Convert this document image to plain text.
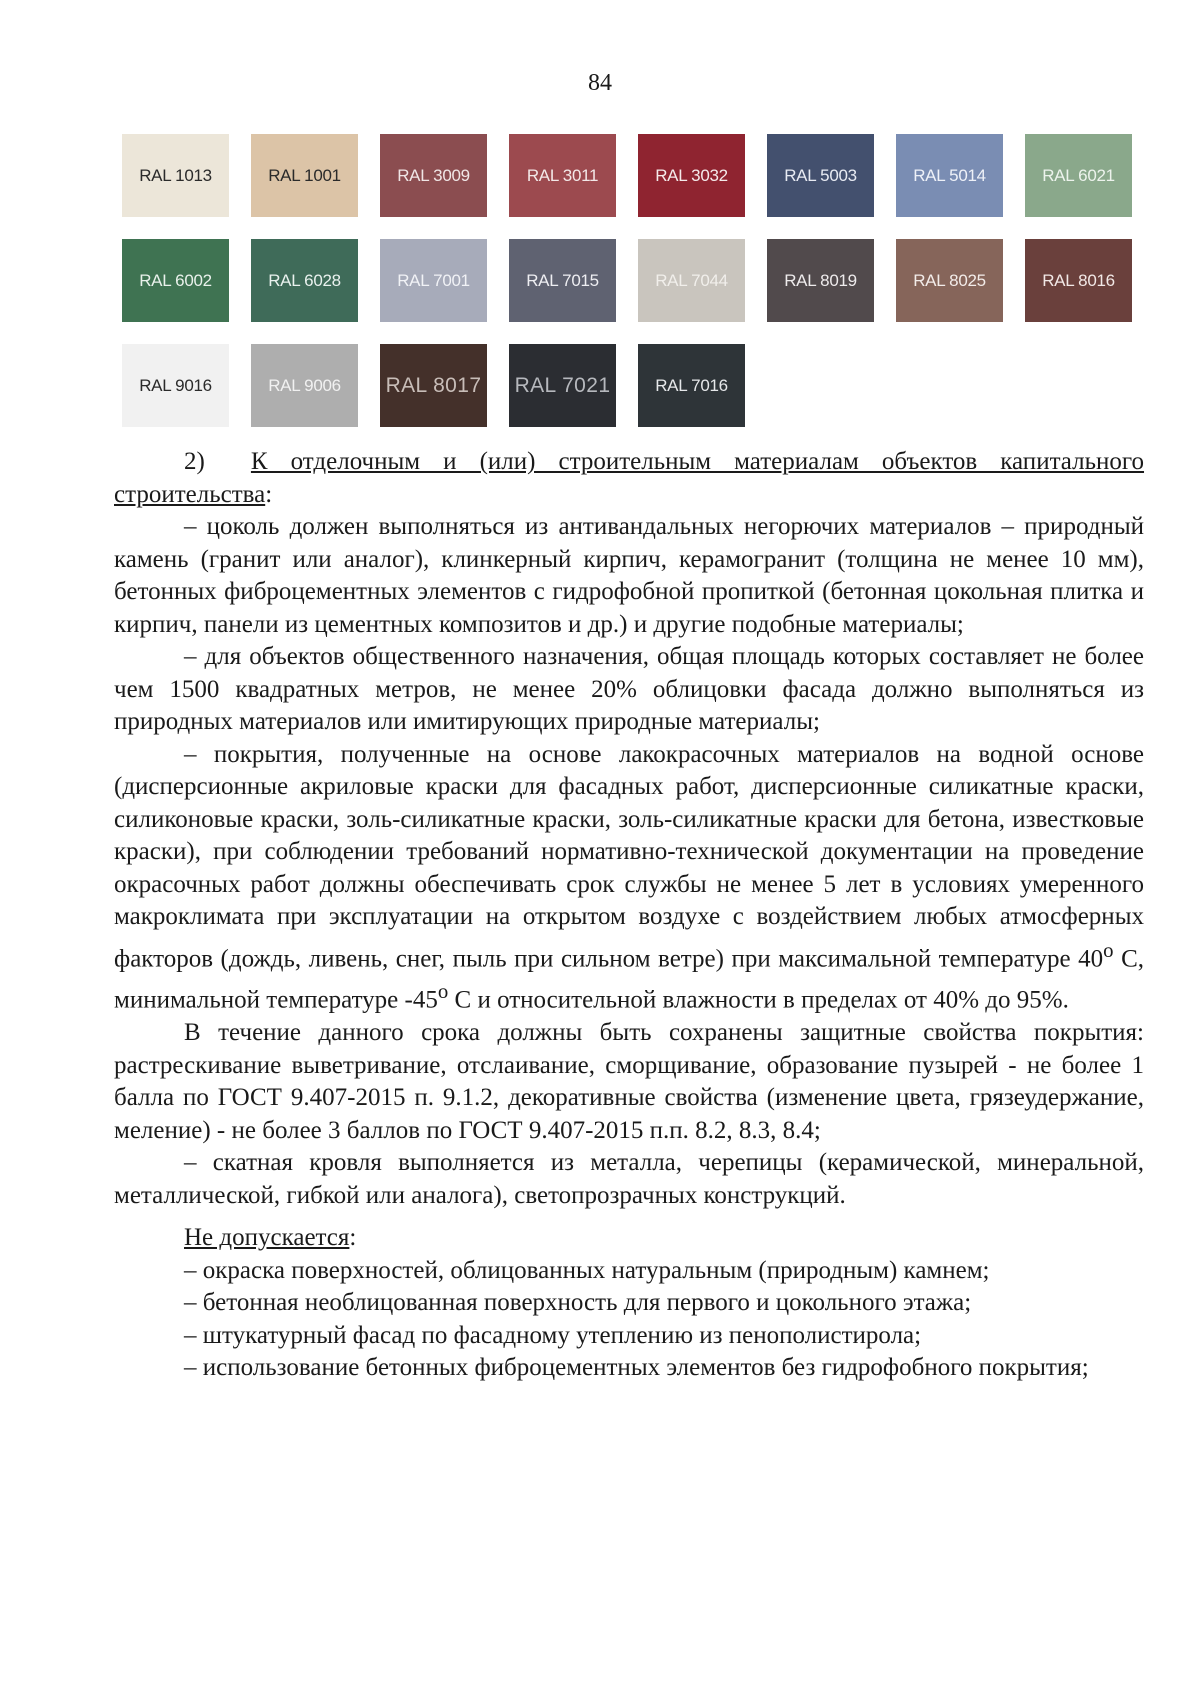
84
RAL 1013	RAL 1001	RAL 3009	RAL 3011	RAL 3032	RAL 5003	RAL 5014	RAL 6021
RAL 6002	RAL 6028	RAL 7001	RAL 7015	RAL 7044	RAL 8019	RAL 8025	RAL 8016
RAL 9016	RAL 9006	RAL 8017 RAL 7021	RAL 7016

2) К отделочным и (или) строительным материалам объектов капитального строительства:

– цоколь должен выполняться из антивандальных негорючих материалов – природный камень (гранит или аналог), клинкерный кирпич, керамогранит (толщина не менее 10 мм), бетонных фиброцементных элементов с гидрофобной пропиткой (бетонная цокольная плитка и кирпич, панели из цементных композитов и др.) и другие подобные материалы;

– для объектов общественного назначения, общая площадь которых составляет не более чем 1500 квадратных метров, не менее 20% облицовки фасада должно выполняться из природных материалов или имитирующих природные материалы;

– покрытия, полученные на основе лакокрасочных материалов на водной основе (дисперсионные акриловые краски для фасадных работ, дисперсионные силикатные краски, силиконовые краски, золь-силикатные краски, золь-силикатные краски для бетона, известковые краски), при соблюдении требований нормативно-технической документации на проведение окрасочных работ должны обеспечивать срок службы не менее 5 лет в условиях умеренного макроклимата при эксплуатации на открытом воздухе с воздействием любых атмосферных факторов (дождь, ливень, снег, пыль при сильном ветре) при максимальной температуре $40^о$ С, минимальной температуре $-45^о$ С и относительной влажности в пределах от 40% до 95%.

В течение данного срока должны быть сохранены защитные свойства покрытия: растрескивание выветривание, отслаивание, сморщивание, образование пузырей - не более 1 балла по ГОСТ 9.407-2015 п. 9.1.2, декоративные свойства (изменение цвета, грязеудержание, меление) - не более 3 баллов по ГОСТ 9.407-2015 п.п. 8.2, 8.3, 8.4;

– скатная кровля выполняется из металла, черепицы (керамической, минеральной, металлической, гибкой или аналога), светопрозрачных конструкций.

Не допускается:

– окраска поверхностей, облицованных натуральным (природным) камнем;

– бетонная необлицованная поверхность для первого и цокольного этажа;

– штукатурный фасад по фасадному утеплению из пенополистирола;

– использование бетонных фиброцементных элементов без гидрофобного покрытия;
